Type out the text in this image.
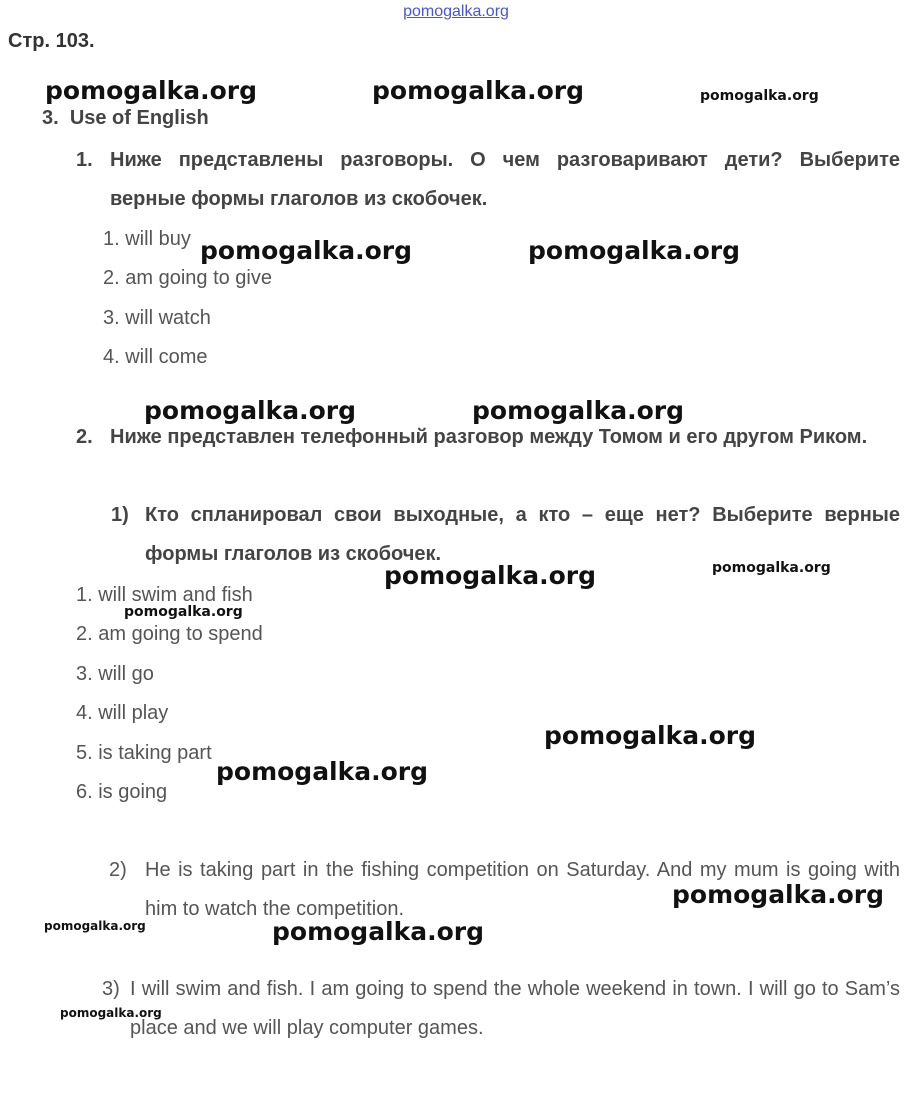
pomogalka.org
Стр. 103.
3. Use of English
1. Ниже представлены разговоры. О чем разговаривают дети? Выберите верные формы глаголов из скобочек.
1. will buy
2. am going to give
3. will watch
4. will come
2. Ниже представлен телефонный разговор между Томом и его другом Риком.
1) Кто спланировал свои выходные, а кто – еще нет? Выберите верные формы глаголов из скобочек.
1. will swim and fish
2. am going to spend
3. will go
4. will play
5. is taking part
6. is going
2) He is taking part in the fishing competition on Saturday. And my mum is going with him to watch the competition.
3) I will swim and fish. I am going to spend the whole weekend in town. I will go to Sam’s place and we will play computer games.
pomogalka.org	pomogalka.org	pomogalka.org
pomogalka.org	pomogalka.org
pomogalka.org	pomogalka.org
pomogalka.org	pomogalka.org
pomogalka.org
pomogalka.org
pomogalka.org
pomogalka.org
pomogalka.org	pomogalka.org
pomogalka.org
